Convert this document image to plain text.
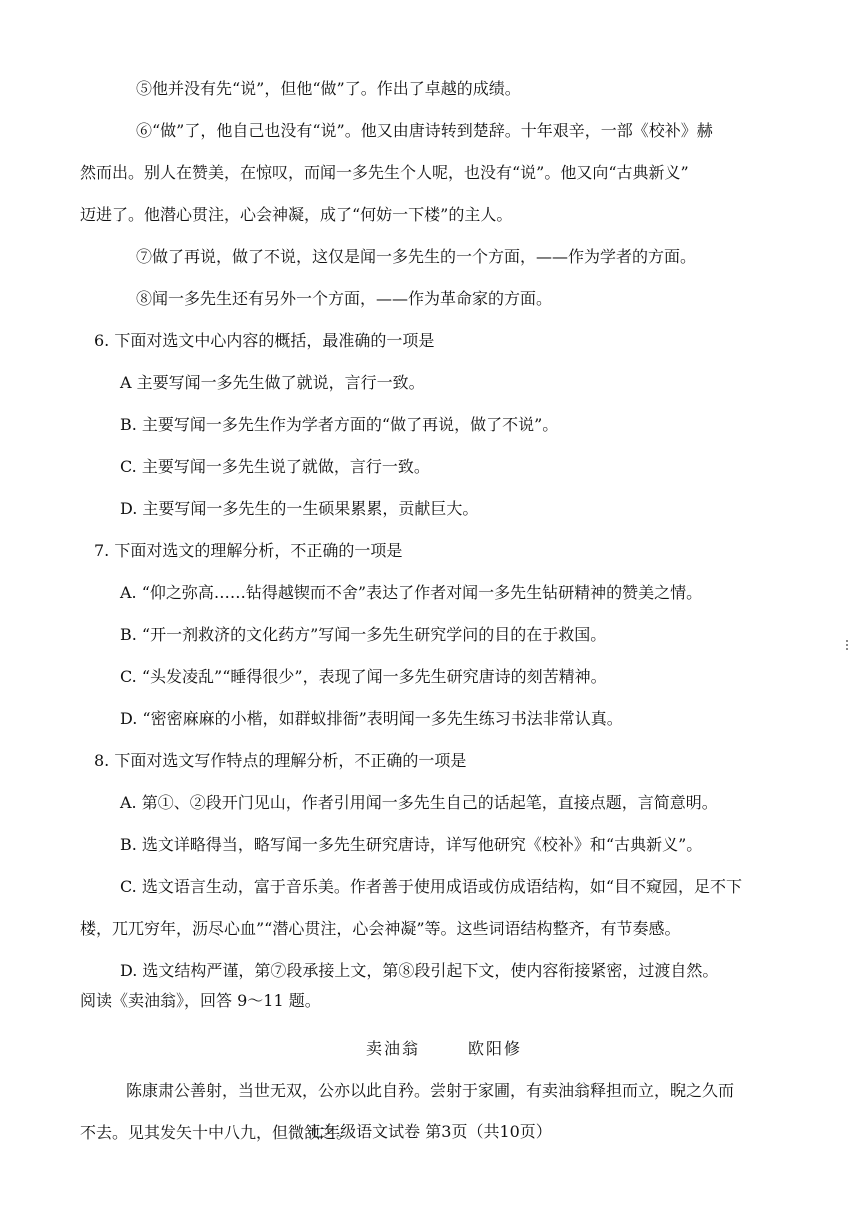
⑤他并没有先“说”，但他“做”了。作出了卓越的成绩。

⑥“做”了，他自己也没有“说”。他又由唐诗转到楚辞。十年艰辛，一部《校补》赫

然而出。别人在赞美，在惊叹，而闻一多先生个人呢，也没有“说”。他又向“古典新义”

迈进了。他潜心贯注，心会神凝，成了“何妨一下楼”的主人。

⑦做了再说，做了不说，这仅是闻一多先生的一个方面，——作为学者的方面。

⑧闻一多先生还有另外一个方面，——作为革命家的方面。

6. 下面对选文中心内容的概括，最准确的一项是

A 主要写闻一多先生做了就说，言行一致。

B. 主要写闻一多先生作为学者方面的“做了再说，做了不说”。

C. 主要写闻一多先生说了就做，言行一致。

D. 主要写闻一多先生的一生硕果累累，贡献巨大。

7. 下面对选文的理解分析，不正确的一项是

A. “仰之弥高……钻得越锲而不舍”表达了作者对闻一多先生钻研精神的赞美之情。

B. “开一剂救济的文化药方”写闻一多先生研究学问的目的在于救国。

C. “头发凌乱”“睡得很少”，表现了闻一多先生研究唐诗的刻苦精神。

D. “密密麻麻的小楷，如群蚁排衙”表明闻一多先生练习书法非常认真。

8. 下面对选文写作特点的理解分析，不正确的一项是

A. 第①、②段开门见山，作者引用闻一多先生自己的话起笔，直接点题，言简意明。

B. 选文详略得当，略写闻一多先生研究唐诗，详写他研究《校补》和“古典新义”。

C. 选文语言生动，富于音乐美。作者善于使用成语或仿成语结构，如“目不窥园，足不下

楼，兀兀穷年，沥尽心血”“潜心贯注，心会神凝”等。这些词语结构整齐，有节奏感。

D. 选文结构严谨，第⑦段承接上文，第⑧段引起下文，使内容衔接紧密，过渡自然。

阅读《卖油翁》，回答 9～11 题。

卖油翁	欧阳修

陈康肃公善射，当世无双，公亦以此自矜。尝射于家圃，有卖油翁释担而立，睨之久而

不去。见其发矢十中八九，但微颔之。

七年级语文试卷 第3页（共10页）
